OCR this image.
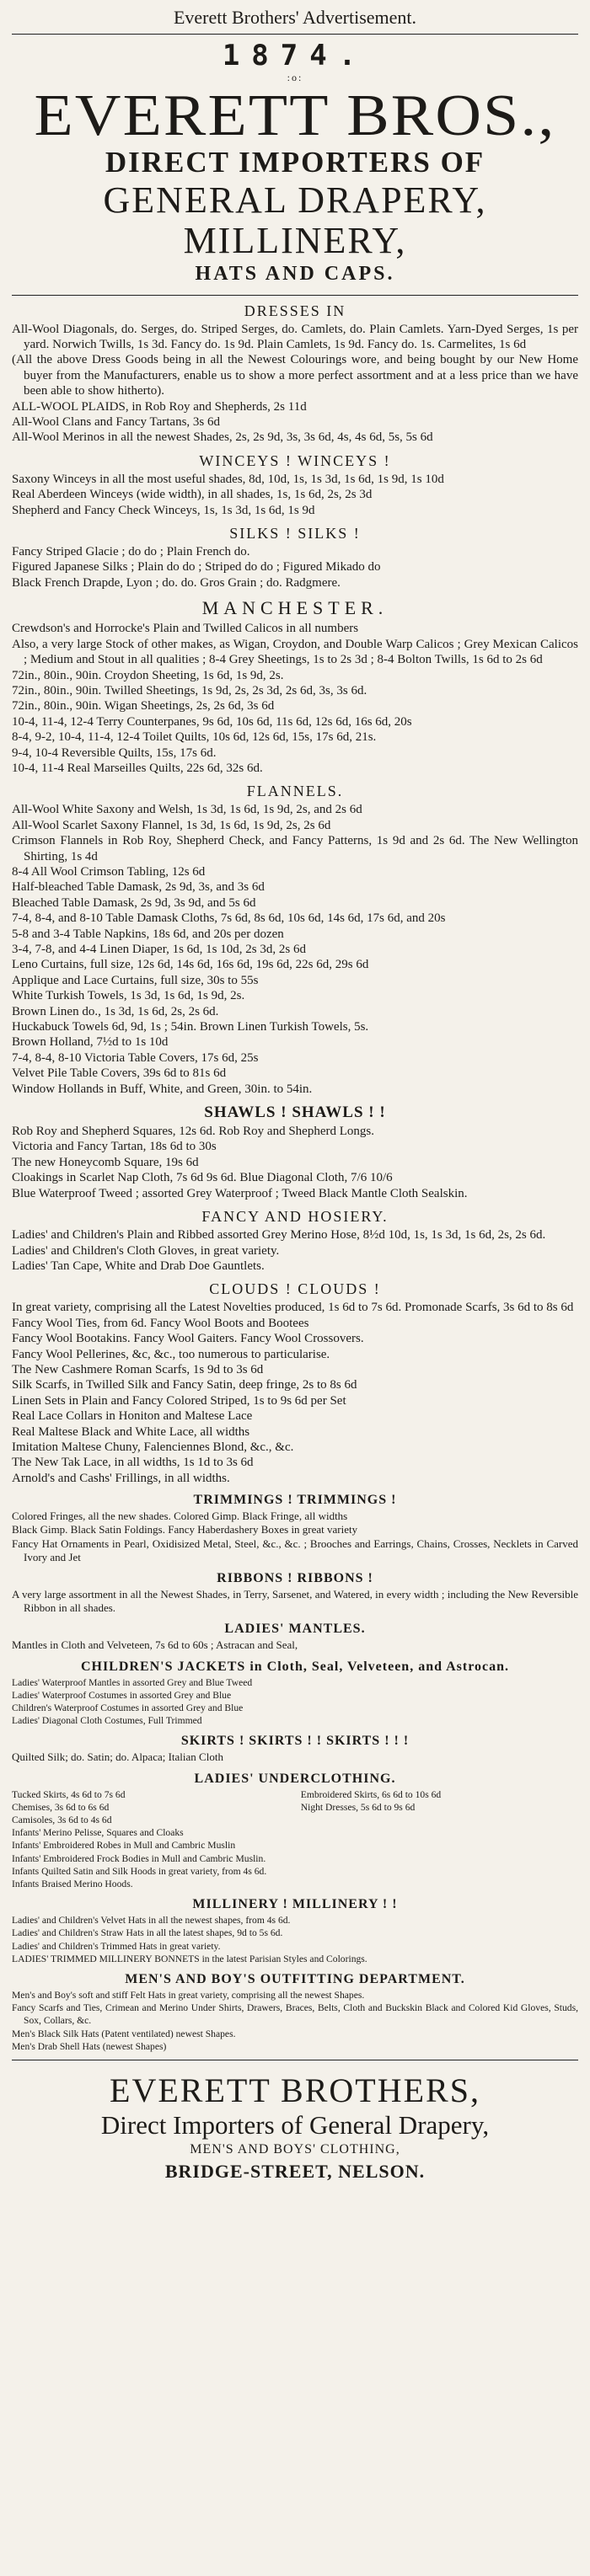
Everett Brothers' Advertisement.
1874.
:o:
EVERETT BROS.,
DIRECT IMPORTERS OF
GENERAL DRAPERY, MILLINERY,
HATS AND CAPS.
DRESSES IN

All-Wool Diagonals, do. Serges, do. Striped Serges, do. Camlets, do. Plain Camlets. Yarn-Dyed Serges, 1s per yard. Norwich Twills, 1s 3d. Fancy do. 1s 9d. Plain Camlets, 1s 9d. Fancy do. 1s. Carmelites, 1s 6d

(All the above Dress Goods being in all the Newest Colourings wore, and being bought by our New Home buyer from the Manufacturers, enable us to show a more perfect assortment and at a less price than we have been able to show hitherto).

ALL-WOOL PLAIDS, in Rob Roy and Shepherds, 2s 11d

All-Wool Clans and Fancy Tartans, 3s 6d

All-Wool Merinos in all the newest Shades, 2s, 2s 9d, 3s, 3s 6d, 4s, 4s 6d, 5s, 5s 6d

WINCEYS ! WINCEYS !

Saxony Winceys in all the most useful shades, 8d, 10d, 1s, 1s 3d, 1s 6d, 1s 9d, 1s 10d

Real Aberdeen Winceys (wide width), in all shades, 1s, 1s 6d, 2s, 2s 3d

Shepherd and Fancy Check Winceys, 1s, 1s 3d, 1s 6d, 1s 9d

SILKS ! SILKS !

Fancy Striped Glacie ; do do ; Plain French do.

Figured Japanese Silks ; Plain do do ; Striped do do ; Figured Mikado do

Black French Drapde, Lyon ; do. do. Gros Grain ; do. Radgmere.

MANCHESTER.

Crewdson's and Horrocke's Plain and Twilled Calicos in all numbers

Also, a very large Stock of other makes, as Wigan, Croydon, and Double Warp Calicos ; Grey Mexican Calicos ; Medium and Stout in all qualities ; 8-4 Grey Sheetings, 1s to 2s 3d ; 8-4 Bolton Twills, 1s 6d to 2s 6d

72in., 80in., 90in. Croydon Sheeting, 1s 6d, 1s 9d, 2s.

72in., 80in., 90in. Twilled Sheetings, 1s 9d, 2s, 2s 3d, 2s 6d, 3s, 3s 6d.

72in., 80in., 90in. Wigan Sheetings, 2s, 2s 6d, 3s 6d

10-4, 11-4, 12-4 Terry Counterpanes, 9s 6d, 10s 6d, 11s 6d, 12s 6d, 16s 6d, 20s

8-4, 9-2, 10-4, 11-4, 12-4 Toilet Quilts, 10s 6d, 12s 6d, 15s, 17s 6d, 21s.

9-4, 10-4 Reversible Quilts, 15s, 17s 6d.

10-4, 11-4 Real Marseilles Quilts, 22s 6d, 32s 6d.

FLANNELS.

All-Wool White Saxony and Welsh, 1s 3d, 1s 6d, 1s 9d, 2s, and 2s 6d

All-Wool Scarlet Saxony Flannel, 1s 3d, 1s 6d, 1s 9d, 2s, 2s 6d

Crimson Flannels in Rob Roy, Shepherd Check, and Fancy Patterns, 1s 9d and 2s 6d. The New Wellington Shirting, 1s 4d

8-4 All Wool Crimson Tabling, 12s 6d

Half-bleached Table Damask, 2s 9d, 3s, and 3s 6d

Bleached Table Damask, 2s 9d, 3s 9d, and 5s 6d

7-4, 8-4, and 8-10 Table Damask Cloths, 7s 6d, 8s 6d, 10s 6d, 14s 6d, 17s 6d, and 20s

5-8 and 3-4 Table Napkins, 18s 6d, and 20s per dozen

3-4, 7-8, and 4-4 Linen Diaper, 1s 6d, 1s 10d, 2s 3d, 2s 6d

Leno Curtains, full size, 12s 6d, 14s 6d, 16s 6d, 19s 6d, 22s 6d, 29s 6d

Applique and Lace Curtains, full size, 30s to 55s

White Turkish Towels, 1s 3d, 1s 6d, 1s 9d, 2s.

Brown Linen do., 1s 3d, 1s 6d, 2s, 2s 6d.

Huckabuck Towels 6d, 9d, 1s ; 54in. Brown Linen Turkish Towels, 5s.

Brown Holland, 7½d to 1s 10d

7-4, 8-4, 8-10 Victoria Table Covers, 17s 6d, 25s

Velvet Pile Table Covers, 39s 6d to 81s 6d

Window Hollands in Buff, White, and Green, 30in. to 54in.

SHAWLS ! SHAWLS ! !

Rob Roy and Shepherd Squares, 12s 6d. Rob Roy and Shepherd Longs.

Victoria and Fancy Tartan, 18s 6d to 30s

The new Honeycomb Square, 19s 6d

Cloakings in Scarlet Nap Cloth, 7s 6d 9s 6d. Blue Diagonal Cloth, 7/6 10/6

Blue Waterproof Tweed ; assorted Grey Waterproof ; Tweed Black Mantle Cloth Sealskin.

FANCY AND HOSIERY.

Ladies' and Children's Plain and Ribbed assorted Grey Merino Hose, 8½d 10d, 1s, 1s 3d, 1s 6d, 2s, 2s 6d.

Ladies' and Children's Cloth Gloves, in great variety.

Ladies' Tan Cape, White and Drab Doe Gauntlets.

CLOUDS ! CLOUDS !

In great variety, comprising all the Latest Novelties produced, 1s 6d to 7s 6d. Promonade Scarfs, 3s 6d to 8s 6d

Fancy Wool Ties, from 6d. Fancy Wool Boots and Bootees

Fancy Wool Bootakins. Fancy Wool Gaiters. Fancy Wool Crossovers.

Fancy Wool Pellerines, &c, &c., too numerous to particularise.

The New Cashmere Roman Scarfs, 1s 9d to 3s 6d

Silk Scarfs, in Twilled Silk and Fancy Satin, deep fringe, 2s to 8s 6d

Linen Sets in Plain and Fancy Colored Striped, 1s to 9s 6d per Set

Real Lace Collars in Honiton and Maltese Lace

Real Maltese Black and White Lace, all widths

Imitation Maltese Chuny, Falenciennes Blond, &c., &c.

The New Tak Lace, in all widths, 1s 1d to 3s 6d

Arnold's and Cashs' Frillings, in all widths.

TRIMMINGS ! TRIMMINGS !

Colored Fringes, all the new shades. Colored Gimp. Black Fringe, all widths

Black Gimp. Black Satin Foldings. Fancy Haberdashery Boxes in great variety

Fancy Hat Ornaments in Pearl, Oxidisized Metal, Steel, &c., &c. ; Brooches and Earrings, Chains, Crosses, Necklets in Carved Ivory and Jet

RIBBONS ! RIBBONS !

A very large assortment in all the Newest Shades, in Terry, Sarsenet, and Watered, in every width ; including the New Reversible Ribbon in all shades.

LADIES' MANTLES.

Mantles in Cloth and Velveteen, 7s 6d to 60s ; Astracan and Seal,

CHILDREN'S JACKETS in Cloth, Seal, Velveteen, and Astrocan.

Ladies' Waterproof Mantles in assorted Grey and Blue Tweed

Ladies' Waterproof Costumes in assorted Grey and Blue

Children's Waterproof Costumes in assorted Grey and Blue

Ladies' Diagonal Cloth Costumes, Full Trimmed

SKIRTS ! SKIRTS ! ! SKIRTS ! ! !

Quilted Silk; do. Satin; do. Alpaca; Italian Cloth

LADIES' UNDERCLOTHING.

Tucked Skirts, 4s 6d to 7s 6d

Chemises, 3s 6d to 6s 6d

Embroidered Skirts, 6s 6d to 10s 6d

Night Dresses, 5s 6d to 9s 6d

Camisoles, 3s 6d to 4s 6d

Infants' Merino Pelisse, Squares and Cloaks

Infants' Embroidered Robes in Mull and Cambric Muslin

Infants' Embroidered Frock Bodies in Mull and Cambric Muslin.

Infants Quilted Satin and Silk Hoods in great variety, from 4s 6d.

Infants Braised Merino Hoods.

MILLINERY ! MILLINERY ! !

Ladies' and Children's Velvet Hats in all the newest shapes, from 4s 6d.

Ladies' and Children's Straw Hats in all the latest shapes, 9d to 5s 6d.

Ladies' and Children's Trimmed Hats in great variety.

LADIES' TRIMMED MILLINERY BONNETS in the latest Parisian Styles and Colorings.

MEN'S AND BOY'S OUTFITTING DEPARTMENT.

Men's and Boy's soft and stiff Felt Hats in great variety, comprising all the newest Shapes.

Fancy Scarfs and Ties, Crimean and Merino Under Shirts, Drawers, Braces, Belts, Cloth and Buckskin Black and Colored Kid Gloves, Studs, Sox, Collars, &c.

Men's Black Silk Hats (Patent ventilated) newest Shapes.

Men's Drab Shell Hats (newest Shapes)

EVERETT BROTHERS,
Direct Importers of General Drapery,
MEN'S AND BOYS' CLOTHING,
BRIDGE-STREET, NELSON.
